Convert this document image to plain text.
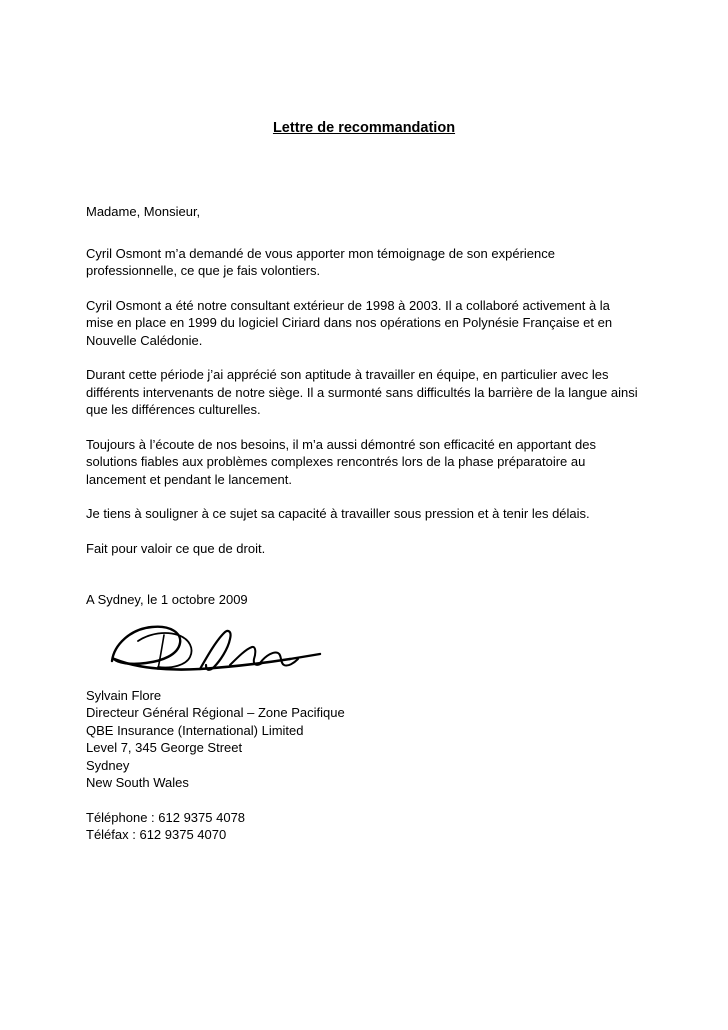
Lettre de recommandation

Madame, Monsieur,

Cyril Osmont m’a demandé de vous apporter mon témoignage de son expérience professionnelle, ce que je fais volontiers.

Cyril Osmont a été notre consultant extérieur de 1998 à 2003. Il a collaboré activement à la mise en place en 1999 du logiciel Ciriard dans nos opérations en Polynésie Française et en Nouvelle Calédonie.

Durant cette période j’ai apprécié son aptitude à travailler en équipe, en particulier avec les différents intervenants de notre siège. Il a surmonté sans difficultés la barrière de la langue ainsi que les différences culturelles.

Toujours à l’écoute de nos besoins, il m’a aussi démontré son efficacité en apportant des solutions fiables aux problèmes complexes rencontrés lors de la phase préparatoire au lancement et pendant le lancement.

Je tiens à souligner à ce sujet sa capacité à travailler sous pression et à tenir les délais.

Fait pour valoir ce que de droit.

A Sydney, le 1 octobre 2009

Sylvain Flore
Directeur Général Régional – Zone Pacifique
QBE Insurance (International) Limited
Level 7, 345 George Street
Sydney
New South Wales
Téléphone : 612 9375 4078
Téléfax : 612 9375 4070
